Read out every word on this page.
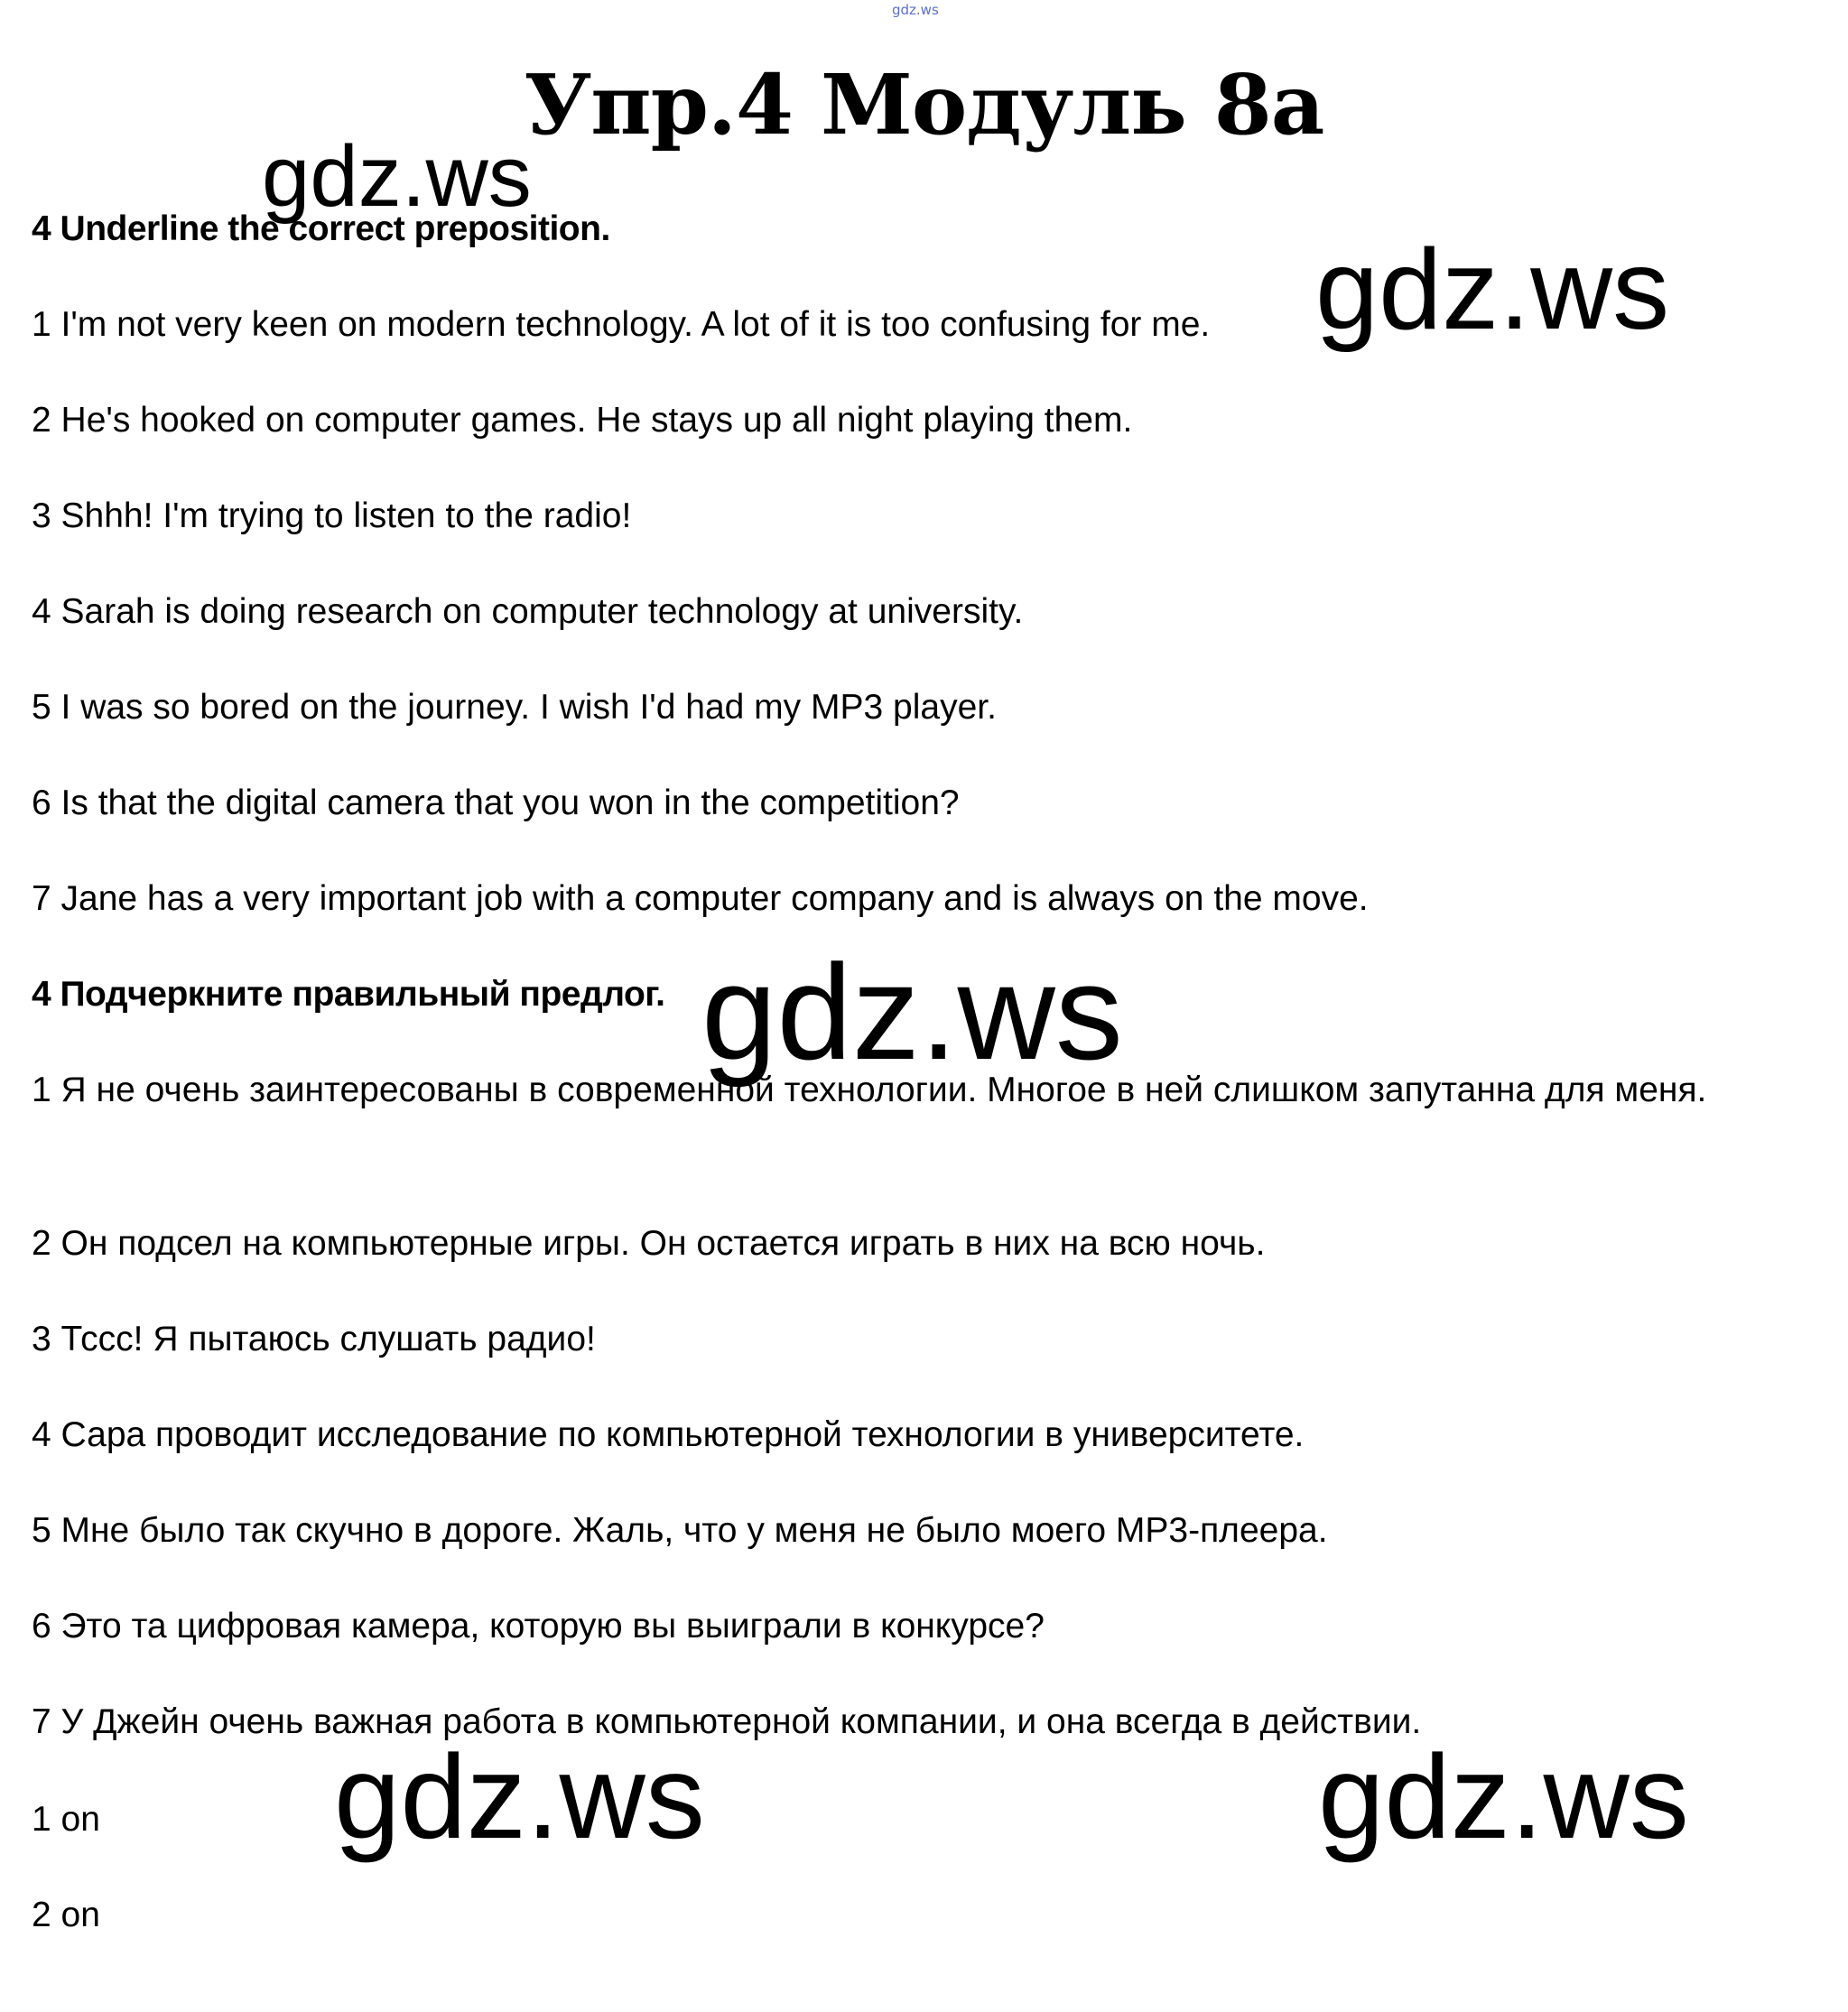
gdz.ws
Упр.4 Модуль 8a
gdz.ws
gdz.ws
gdz.ws
gdz.ws	gdz.ws
4 Underline the correct preposition.
1 I'm not very keen on modern technology. A lot of it is too confusing for me.
2 He's hooked on computer games. He stays up all night playing them.
3 Shhh! I'm trying to listen to the radio!
4 Sarah is doing research on computer technology at university.
5 I was so bored on the journey. I wish I'd had my MP3 player.
6 Is that the digital camera that you won in the competition?
7 Jane has a very important job with a computer company and is always on the move.
4 Подчеркните правильный предлог.
1 Я не очень заинтересованы в современной технологии. Многое в ней слишком запутанна для меня.
2 Он подсел на компьютерные игры. Он остается играть в них на всю ночь.
3 Тссс! Я пытаюсь слушать радио!
4 Сара проводит исследование по компьютерной технологии в университете.
5 Мне было так скучно в дороге. Жаль, что у меня не было моего МР3-плеера.
6 Это та цифровая камера, которую вы выиграли в конкурсе?
7 У Джейн очень важная работа в компьютерной компании, и она всегда в действии.
1 on
2 on
